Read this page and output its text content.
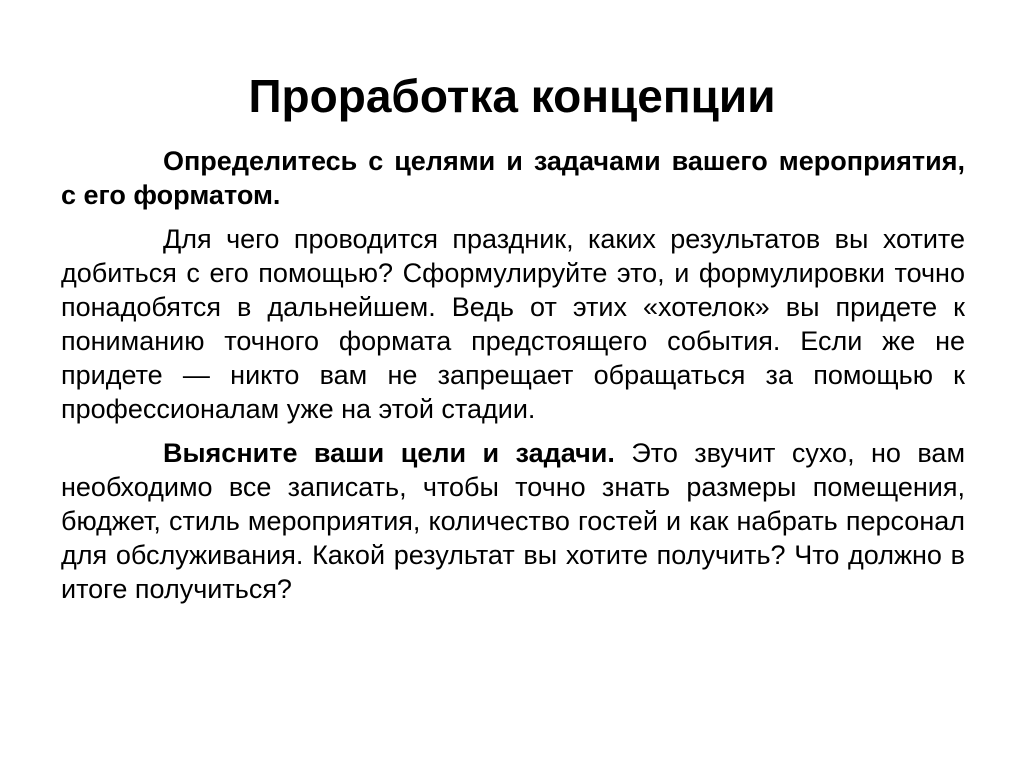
Проработка концепции

Определитесь с целями и задачами вашего мероприятия, с его форматом.

Для чего проводится праздник, каких результатов вы хотите добиться с его помощью? Сформулируйте это, и формулировки точно понадобятся в дальнейшем. Ведь от этих «хотелок» вы придете к пониманию точного формата предстоящего события. Если же не придете — никто вам не запрещает обращаться за помощью к профессионалам уже на этой стадии.

Выясните ваши цели и задачи. Это звучит сухо, но вам необходимо все записать, чтобы точно знать размеры помещения, бюджет, стиль мероприятия, количество гостей и как набрать персонал для обслуживания. Какой результат вы хотите получить? Что должно в итоге получиться?
